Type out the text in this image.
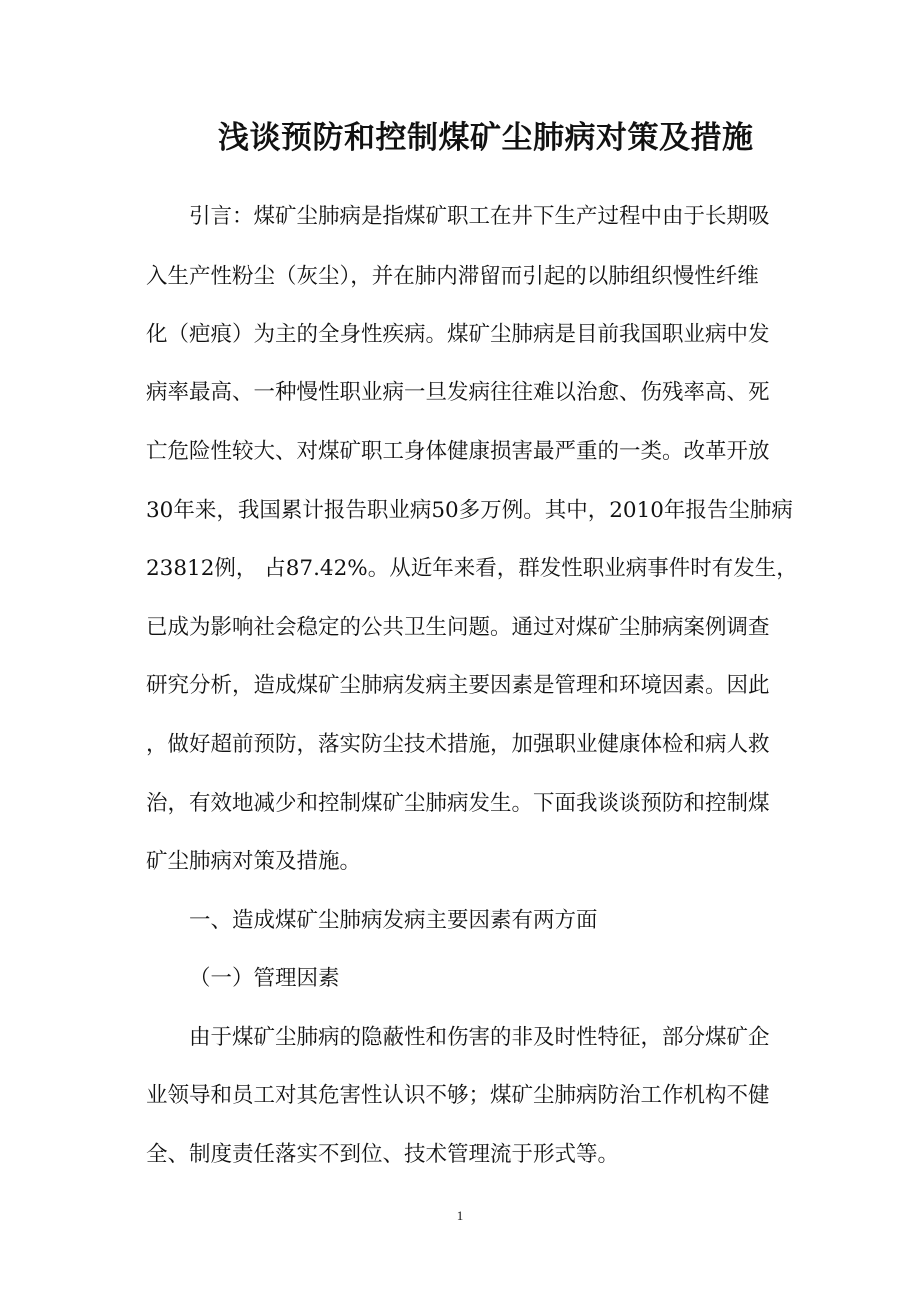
浅谈预防和控制煤矿尘肺病对策及措施

引言：煤矿尘肺病是指煤矿职工在井下生产过程中由于长期吸

入生产性粉尘（灰尘），并在肺内滞留而引起的以肺组织慢性纤维

化（疤痕）为主的全身性疾病。煤矿尘肺病是目前我国职业病中发

病率最高、一种慢性职业病一旦发病往往难以治愈、伤残率高、死

亡危险性较大、对煤矿职工身体健康损害最严重的一类。改革开放

30年来，我国累计报告职业病50多万例。其中，2010年报告尘肺病

23812例， 占87.42%。从近年来看，群发性职业病事件时有发生，

已成为影响社会稳定的公共卫生问题。通过对煤矿尘肺病案例调查

研究分析，造成煤矿尘肺病发病主要因素是管理和环境因素。因此

，做好超前预防，落实防尘技术措施，加强职业健康体检和病人救

治，有效地减少和控制煤矿尘肺病发生。下面我谈谈预防和控制煤

矿尘肺病对策及措施。

一、造成煤矿尘肺病发病主要因素有两方面

（一）管理因素

由于煤矿尘肺病的隐蔽性和伤害的非及时性特征，部分煤矿企

业领导和员工对其危害性认识不够；煤矿尘肺病防治工作机构不健

全、制度责任落实不到位、技术管理流于形式等。

1
